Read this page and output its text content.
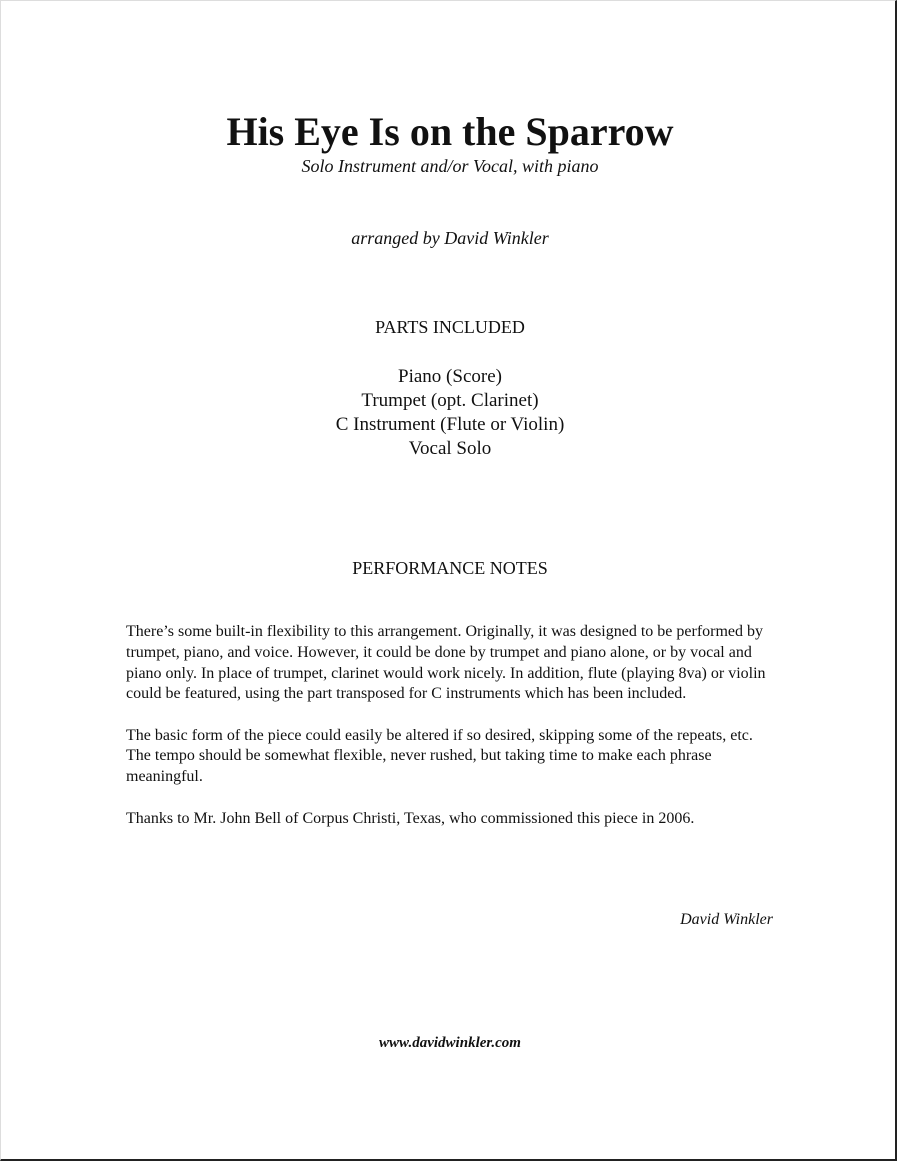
His Eye Is on the Sparrow
Solo Instrument and/or Vocal, with piano
arranged by David Winkler
PARTS INCLUDED
Piano (Score)
Trumpet (opt. Clarinet)
C Instrument (Flute or Violin)
Vocal Solo
PERFORMANCE NOTES

There’s some built-in flexibility to this arrangement. Originally, it was designed to be performed by trumpet, piano, and voice. However, it could be done by trumpet and piano alone, or by vocal and piano only. In place of trumpet, clarinet would work nicely. In addition, flute (playing 8va) or violin could be featured, using the part transposed for C instruments which has been included.

The basic form of the piece could easily be altered if so desired, skipping some of the repeats, etc. The tempo should be somewhat flexible, never rushed, but taking time to make each phrase meaningful.

Thanks to Mr. John Bell of Corpus Christi, Texas, who commissioned this piece in 2006.

David Winkler
www.davidwinkler.com
